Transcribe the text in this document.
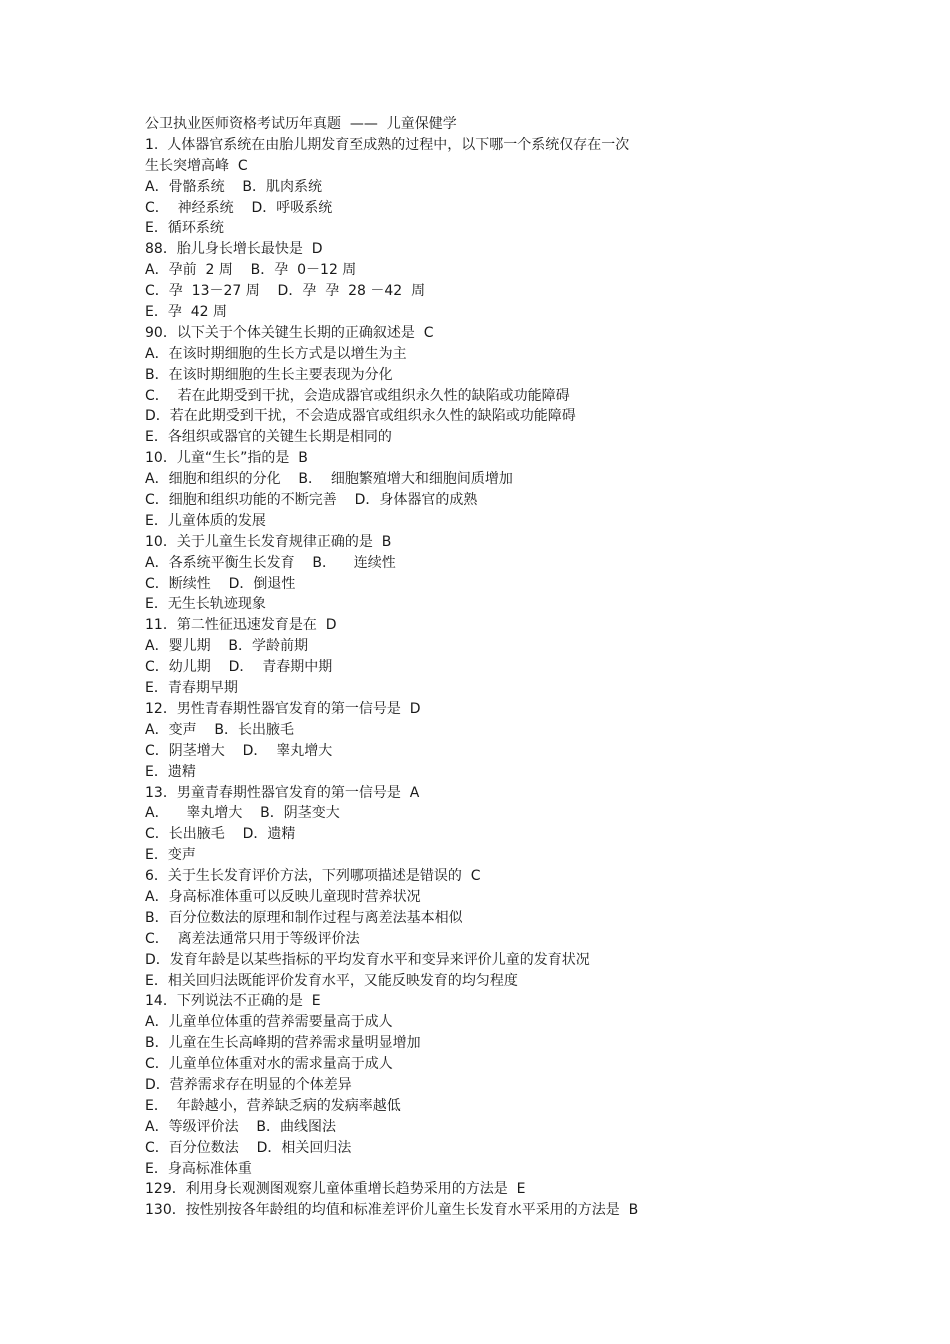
公卫执业医师资格考试历年真题  ——  儿童保健学
1.  人体器官系统在由胎儿期发育至成熟的过程中，以下哪一个系统仅存在一次
生长突增高峰  C
A．骨骼系统    B．肌肉系统
C．  神经系统    D．呼吸系统
E．循环系统
88．胎儿身长增长最快是  D
A．孕前  2 周    B．孕  0－12 周
C．孕  13－27 周    D．孕  孕  28 －42  周
E．孕  42 周
90．以下关于个体关键生长期的正确叙述是  C
A．在该时期细胞的生长方式是以增生为主
B．在该时期细胞的生长主要表现为分化
C．  若在此期受到干扰，会造成器官或组织永久性的缺陷或功能障碍
D．若在此期受到干扰，不会造成器官或组织永久性的缺陷或功能障碍
E．各组织或器官的关键生长期是相同的
10．儿童“生长”指的是  B
A．细胞和组织的分化    B．  细胞繁殖增大和细胞间质增加
C．细胞和组织功能的不断完善    D．身体器官的成熟
E．儿童体质的发展
10．关于儿童生长发育规律正确的是  B
A．各系统平衡生长发育    B．    连续性
C．断续性    D．倒退性
E．无生长轨迹现象
11．第二性征迅速发育是在  D
A．婴儿期    B．学龄前期
C．幼儿期    D．  青春期中期
E．青春期早期
12．男性青春期性器官发育的第一信号是  D
A．变声    B．长出腋毛
C．阴茎增大    D．  睾丸增大
E．遗精
13．男童青春期性器官发育的第一信号是  A
A．    睾丸增大    B．阴茎变大
C．长出腋毛    D．遗精
E．变声
6．关于生长发育评价方法，下列哪项描述是错误的  C
A．身高标准体重可以反映儿童现时营养状况
B．百分位数法的原理和制作过程与离差法基本相似
C．  离差法通常只用于等级评价法
D．发育年龄是以某些指标的平均发育水平和变异来评价儿童的发育状况
E．相关回归法既能评价发育水平，又能反映发育的均匀程度
14．下列说法不正确的是  E
A．儿童单位体重的营养需要量高于成人
B．儿童在生长高峰期的营养需求量明显增加
C．儿童单位体重对水的需求量高于成人
D．营养需求存在明显的个体差异
E．  年龄越小，营养缺乏病的发病率越低
A．等级评价法    B．曲线图法
C．百分位数法    D．相关回归法
E．身高标准体重
129．利用身长观测图观察儿童体重增长趋势采用的方法是  E
130．按性别按各年龄组的均值和标准差评价儿童生长发育水平采用的方法是  B
